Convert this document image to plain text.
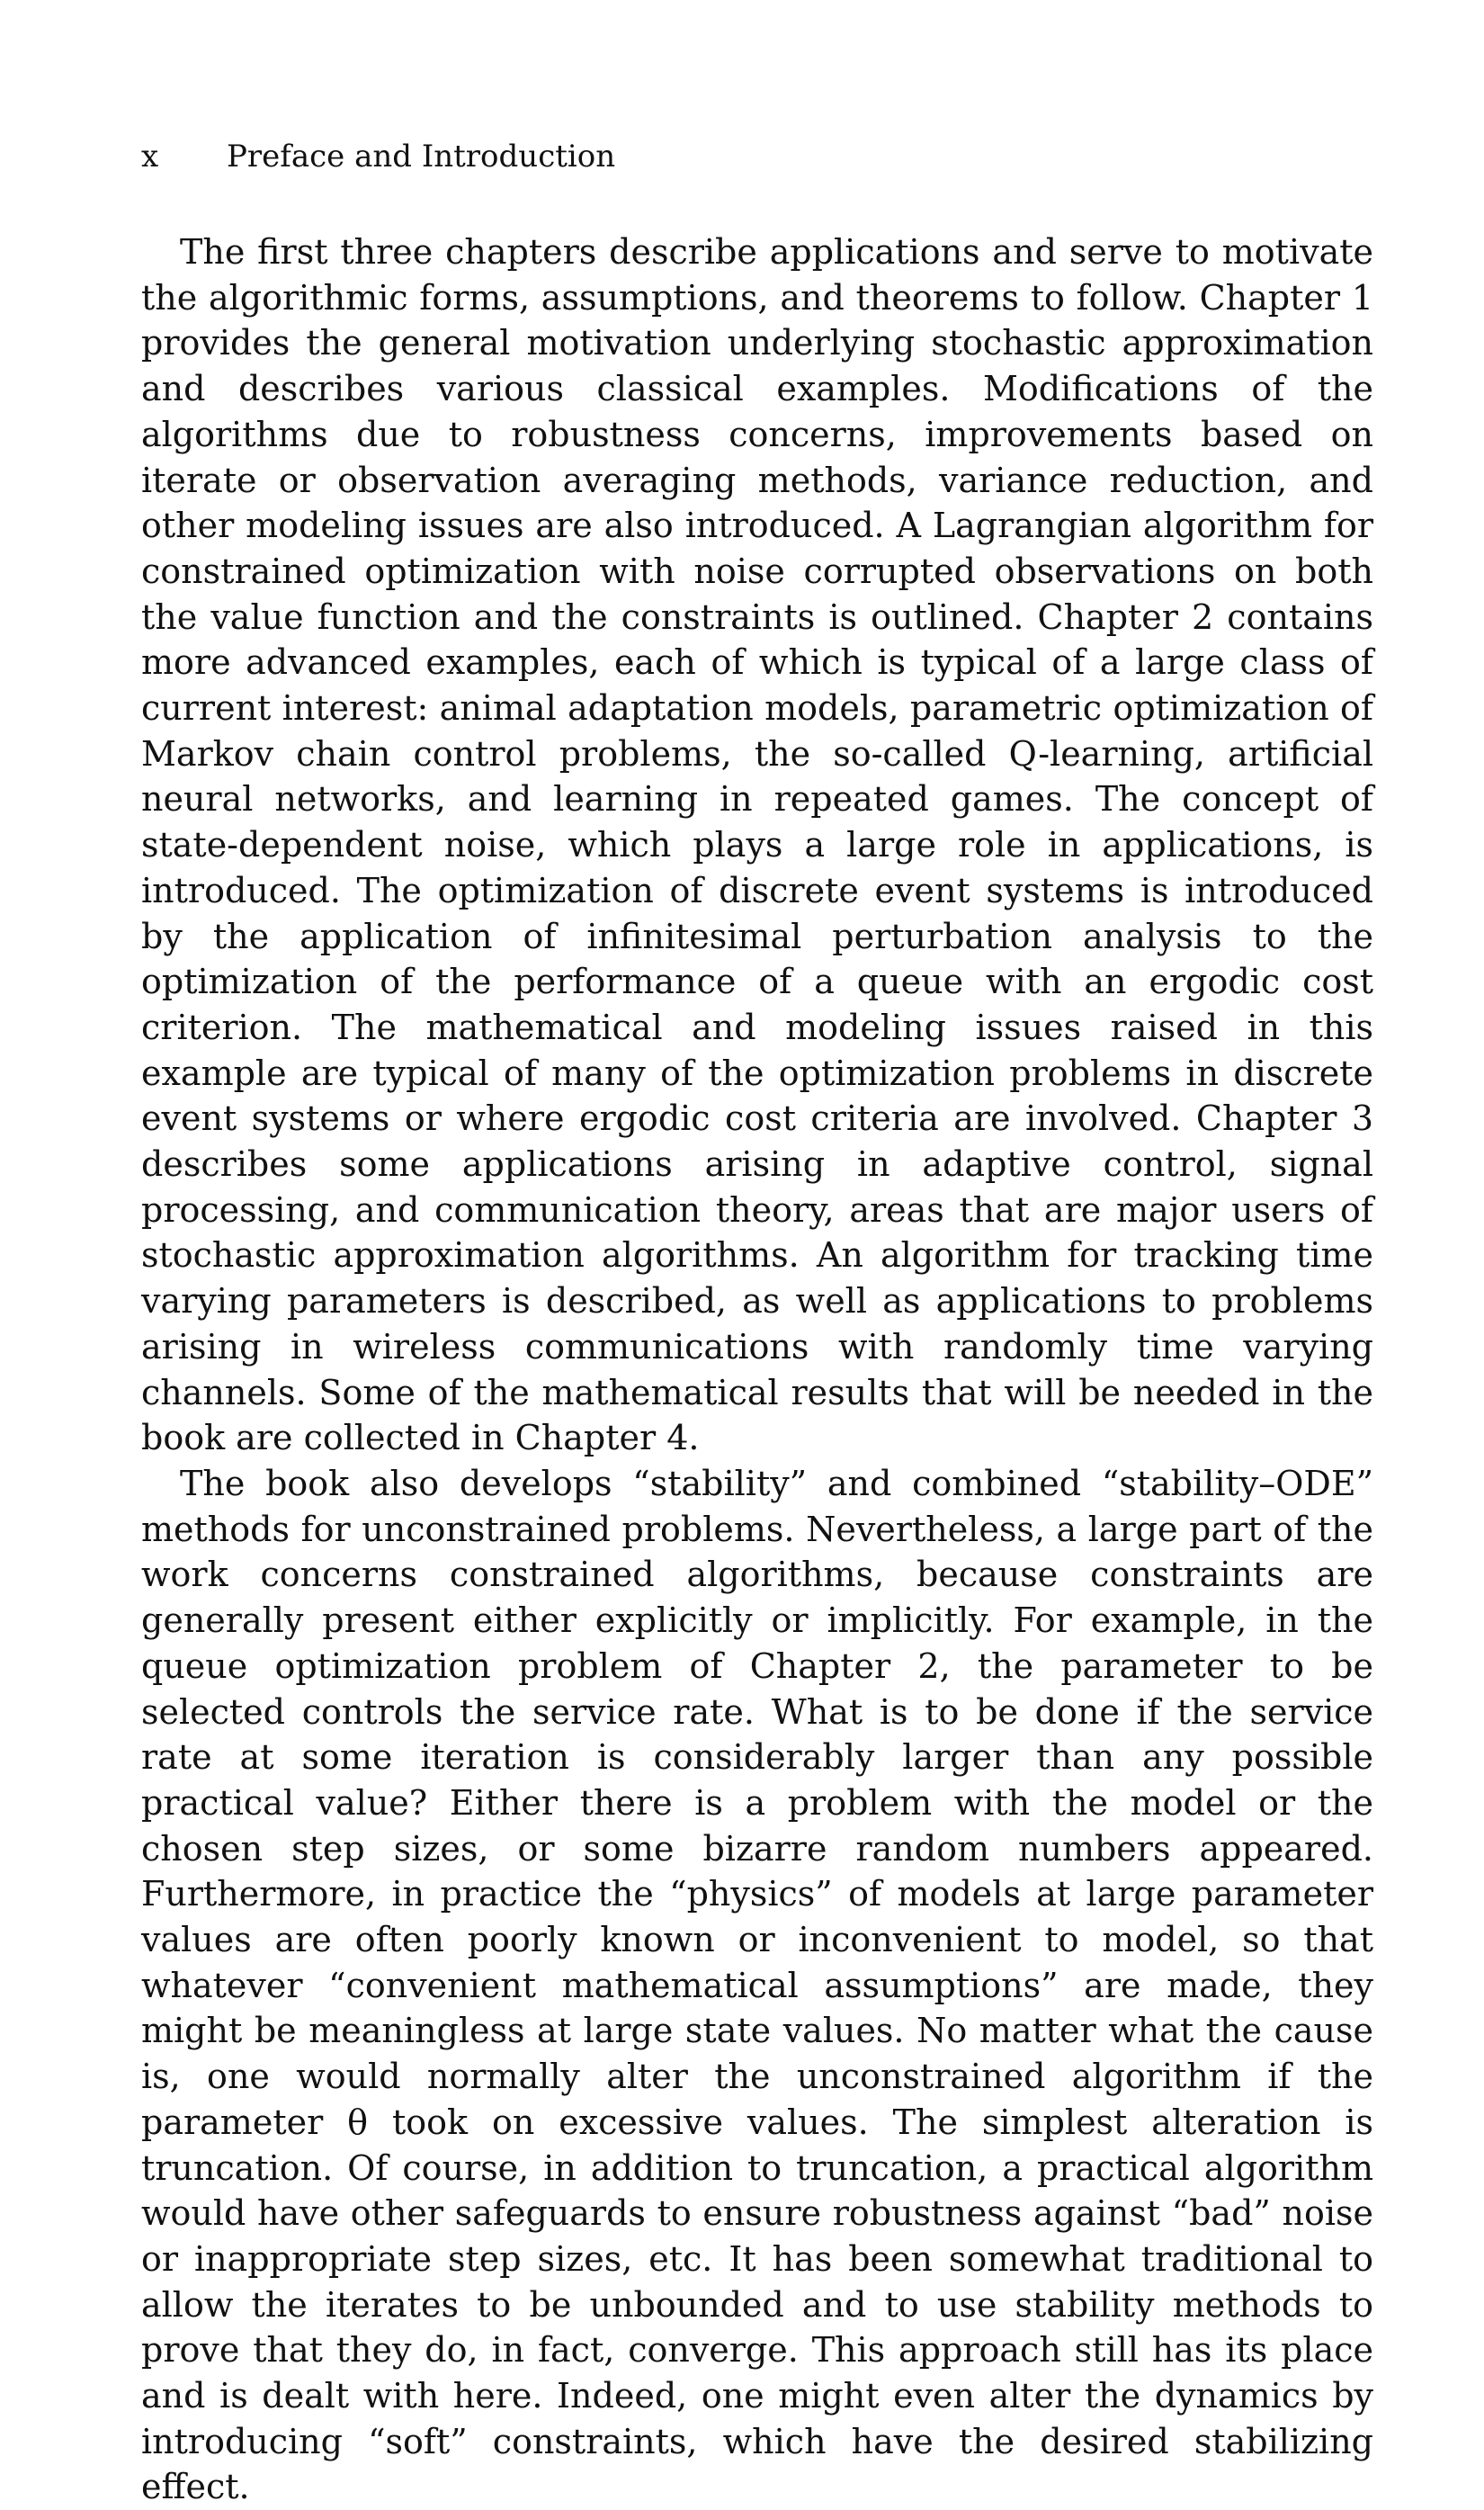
x Preface and Introduction

The first three chapters describe applications and serve to motivate the algorithmic forms, assumptions, and theorems to follow. Chapter 1 provides the general motivation underlying stochastic approximation and describes various classical examples. Modifications of the algorithms due to robustness concerns, improvements based on iterate or observation averaging methods, variance reduction, and other modeling issues are also introduced. A Lagrangian algorithm for constrained optimization with noise corrupted observations on both the value function and the constraints is outlined. Chapter 2 contains more advanced examples, each of which is typical of a large class of current interest: animal adaptation models, parametric optimization of Markov chain control problems, the so-called Q-learning, artificial neural networks, and learning in repeated games. The concept of state-dependent noise, which plays a large role in applications, is introduced. The optimization of discrete event systems is introduced by the application of infinitesimal perturbation analysis to the optimization of the performance of a queue with an ergodic cost criterion. The mathematical and modeling issues raised in this example are typical of many of the optimization problems in discrete event systems or where ergodic cost criteria are involved. Chapter 3 describes some applications arising in adaptive control, signal processing, and communication theory, areas that are major users of stochastic approximation algorithms. An algorithm for tracking time varying parameters is described, as well as applications to problems arising in wireless communications with randomly time varying channels. Some of the mathematical results that will be needed in the book are collected in Chapter 4.

The book also develops “stability” and combined “stability–ODE” methods for unconstrained problems. Nevertheless, a large part of the work concerns constrained algorithms, because constraints are generally present either explicitly or implicitly. For example, in the queue optimization problem of Chapter 2, the parameter to be selected controls the service rate. What is to be done if the service rate at some iteration is considerably larger than any possible practical value? Either there is a problem with the model or the chosen step sizes, or some bizarre random numbers appeared. Furthermore, in practice the “physics” of models at large parameter values are often poorly known or inconvenient to model, so that whatever “convenient mathematical assumptions” are made, they might be meaningless at large state values. No matter what the cause is, one would normally alter the unconstrained algorithm if the parameter θ took on excessive values. The simplest alteration is truncation. Of course, in addition to truncation, a practical algorithm would have other safeguards to ensure robustness against “bad” noise or inappropriate step sizes, etc. It has been somewhat traditional to allow the iterates to be unbounded and to use stability methods to prove that they do, in fact, converge. This approach still has its place and is dealt with here. Indeed, one might even alter the dynamics by introducing “soft” constraints, which have the desired stabilizing effect.
